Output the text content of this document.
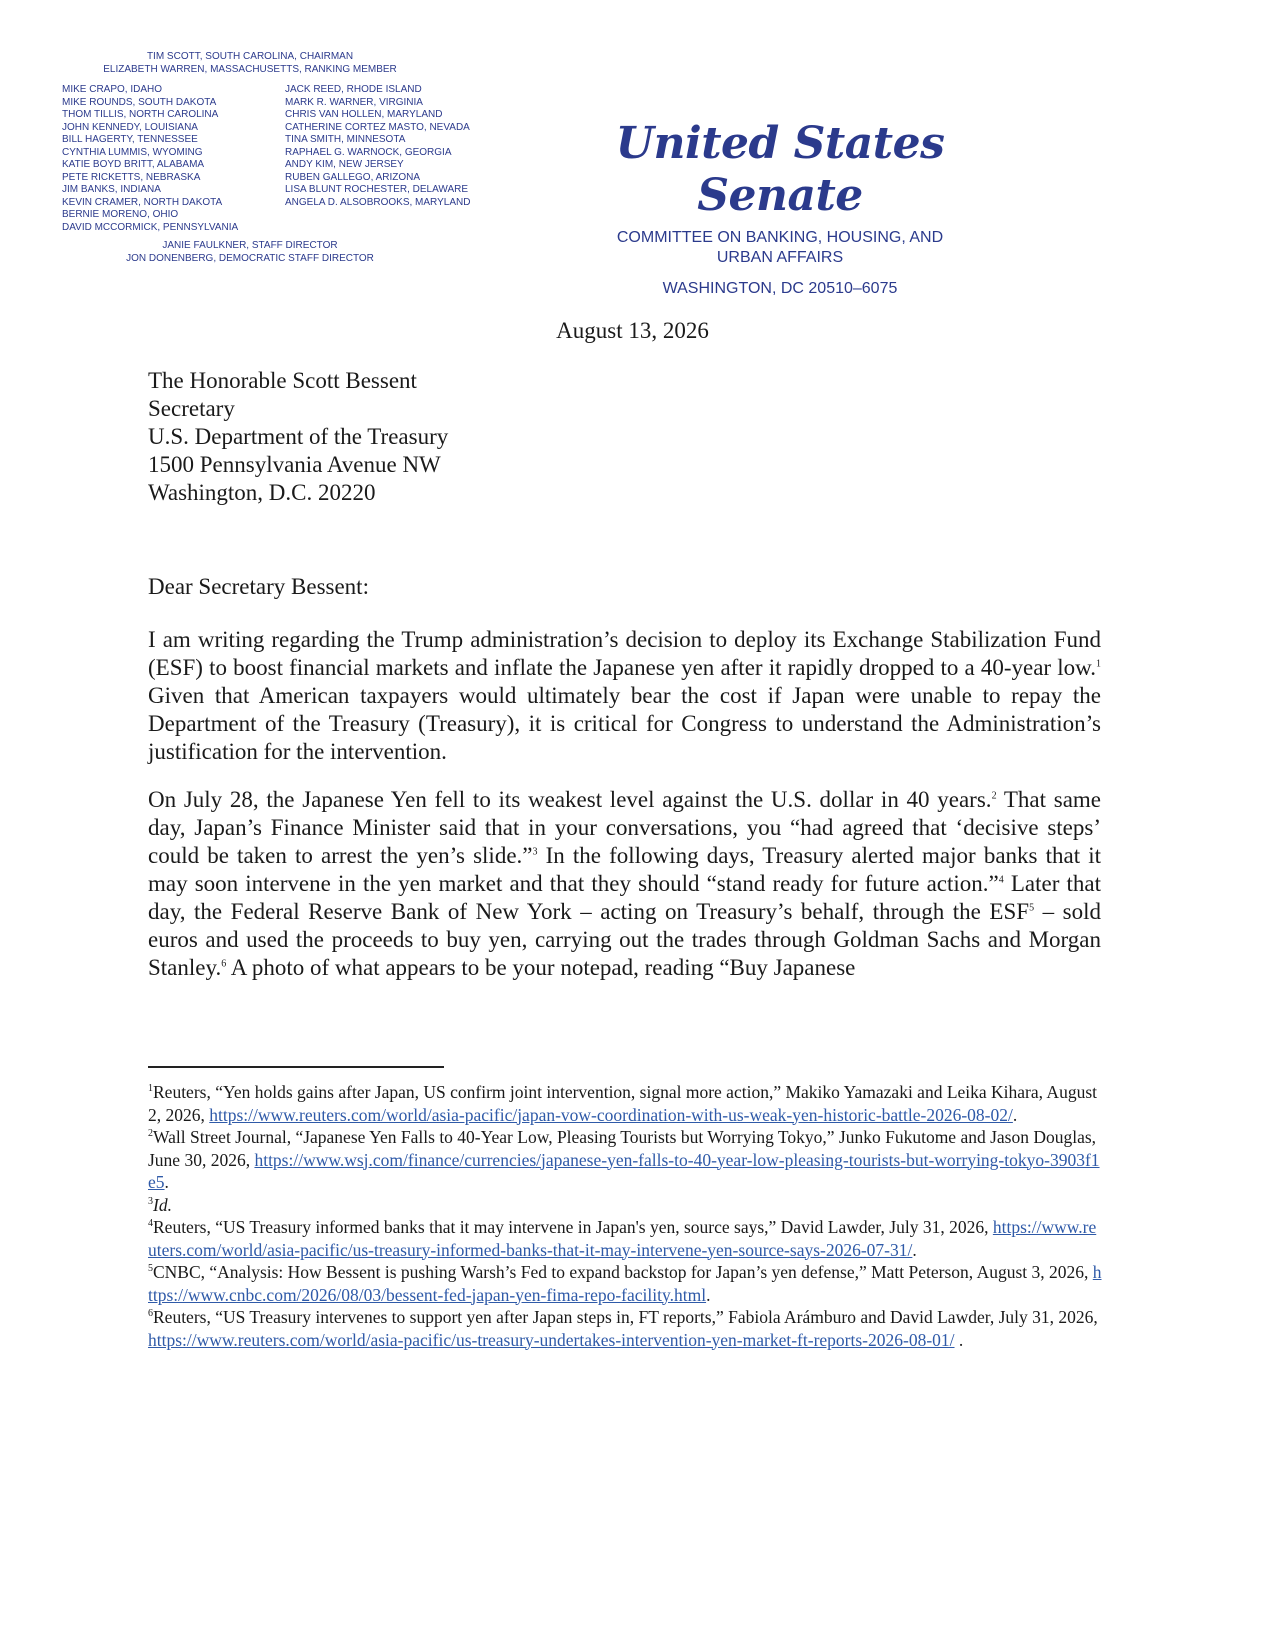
TIM SCOTT, SOUTH CAROLINA, CHAIRMAN
ELIZABETH WARREN, MASSACHUSETTS, RANKING MEMBER
MIKE CRAPO, IDAHO
MIKE ROUNDS, SOUTH DAKOTA
THOM TILLIS, NORTH CAROLINA
JOHN KENNEDY, LOUISIANA
BILL HAGERTY, TENNESSEE
CYNTHIA LUMMIS, WYOMING
KATIE BOYD BRITT, ALABAMA
PETE RICKETTS, NEBRASKA
JIM BANKS, INDIANA
KEVIN CRAMER, NORTH DAKOTA
BERNIE MORENO, OHIO
DAVID MCCORMICK, PENNSYLVANIA
JACK REED, RHODE ISLAND
MARK R. WARNER, VIRGINIA
CHRIS VAN HOLLEN, MARYLAND
CATHERINE CORTEZ MASTO, NEVADA
TINA SMITH, MINNESOTA
RAPHAEL G. WARNOCK, GEORGIA
ANDY KIM, NEW JERSEY
RUBEN GALLEGO, ARIZONA
LISA BLUNT ROCHESTER, DELAWARE
ANGELA D. ALSOBROOKS, MARYLAND
JANIE FAULKNER, STAFF DIRECTOR
JON DONENBERG, DEMOCRATIC STAFF DIRECTOR
United States Senate
COMMITTEE ON BANKING, HOUSING, AND
URBAN AFFAIRS
WASHINGTON, DC 20510–6075
August 13, 2026
The Honorable Scott Bessent
Secretary
U.S. Department of the Treasury
1500 Pennsylvania Avenue NW
Washington, D.C. 20220
Dear Secretary Bessent:
I am writing regarding the Trump administration’s decision to deploy its Exchange Stabilization Fund (ESF) to boost financial markets and inflate the Japanese yen after it rapidly dropped to a 40-year low.$^1$ Given that American taxpayers would ultimately bear the cost if Japan were unable to repay the Department of the Treasury (Treasury), it is critical for Congress to understand the Administration’s justification for the intervention.
On July 28, the Japanese Yen fell to its weakest level against the U.S. dollar in 40 years.$^2$ That same day, Japan’s Finance Minister said that in your conversations, you “had agreed that ‘decisive steps’ could be taken to arrest the yen’s slide.”$^3$ In the following days, Treasury alerted major banks that it may soon intervene in the yen market and that they should “stand ready for future action.”$^4$ Later that day, the Federal Reserve Bank of New York – acting on Treasury’s behalf, through the ESF$^5$ – sold euros and used the proceeds to buy yen, carrying out the trades through Goldman Sachs and Morgan Stanley.$^6$ A photo of what appears to be your notepad, reading “Buy Japanese

$^1$Reuters, “Yen holds gains after Japan, US confirm joint intervention, signal more action,” Makiko Yamazaki and Leika Kihara, August 2, 2026, https://www.reuters.com/world/asia-pacific/japan-vow-coordination-with-us-weak-yen-historic-battle-2026-08-02/.

$^2$Wall Street Journal, “Japanese Yen Falls to 40-Year Low, Pleasing Tourists but Worrying Tokyo,” Junko Fukutome and Jason Douglas, June 30, 2026, https://www.wsj.com/finance/currencies/japanese-yen-falls-to-40-year-low-pleasing-tourists-but-worrying-tokyo-3903f1e5.

$^3$Id.

$^4$Reuters, “US Treasury informed banks that it may intervene in Japan's yen, source says,” David Lawder, July 31, 2026, https://www.reuters.com/world/asia-pacific/us-treasury-informed-banks-that-it-may-intervene-yen-source-says-2026-07-31/.

$^5$CNBC, “Analysis: How Bessent is pushing Warsh’s Fed to expand backstop for Japan’s yen defense,” Matt Peterson, August 3, 2026, https://www.cnbc.com/2026/08/03/bessent-fed-japan-yen-fima-repo-facility.html.

$^6$Reuters, “US Treasury intervenes to support yen after Japan steps in, FT reports,” Fabiola Arámburo and David Lawder, July 31, 2026, https://www.reuters.com/world/asia-pacific/us-treasury-undertakes-intervention-yen-market-ft-reports-2026-08-01/ .
